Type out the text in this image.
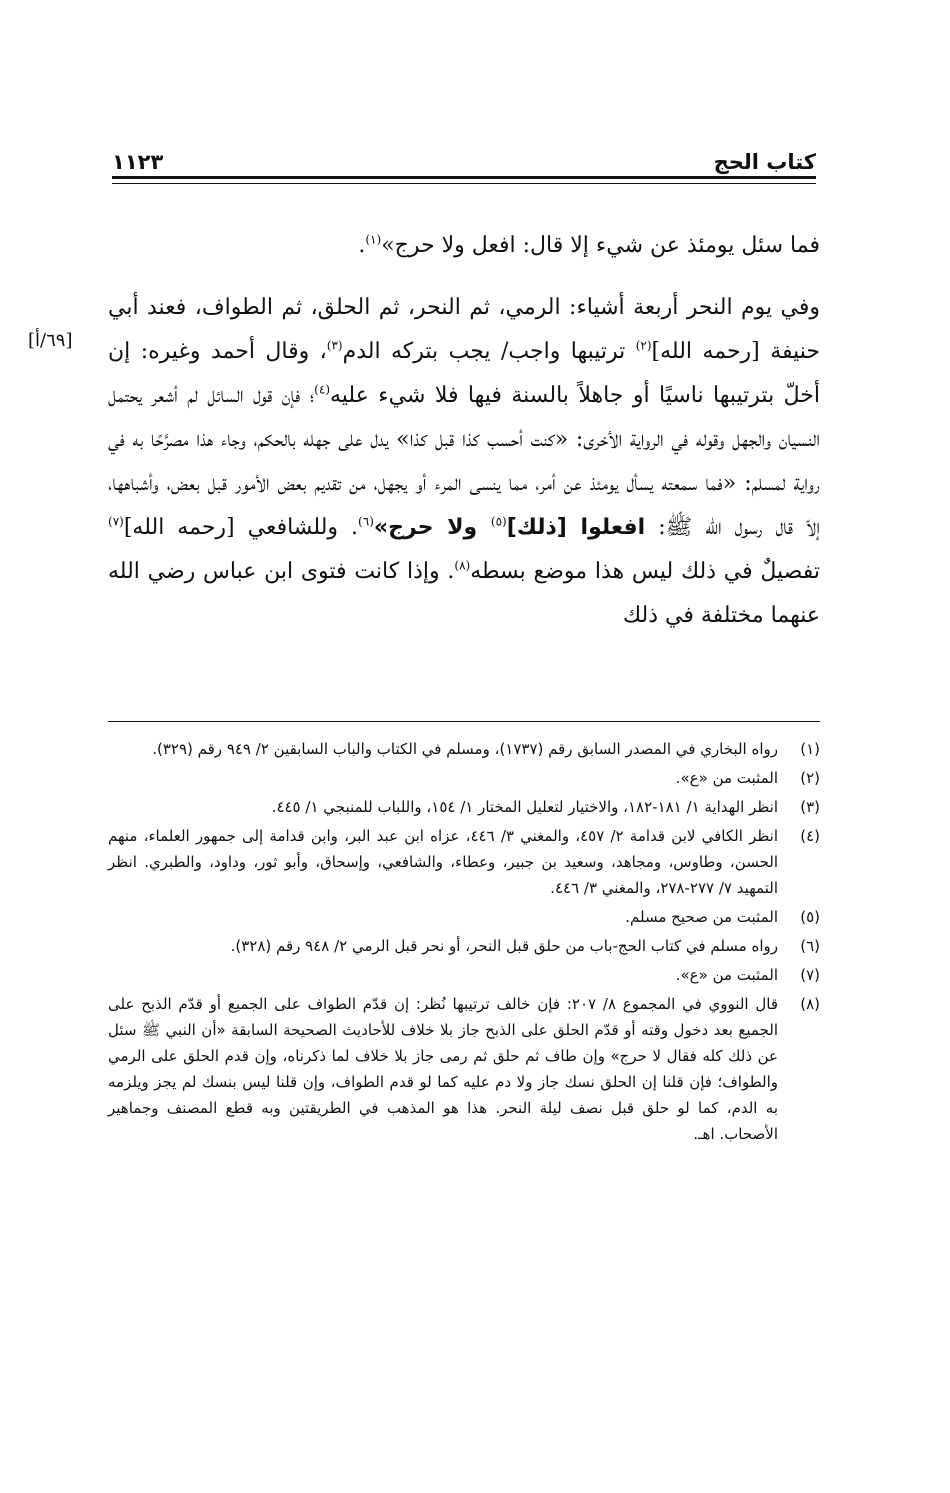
١١٢٣	كتاب الحج
[٦٩/أ]

فما سئل يومئذ عن شيء إلا قال: افعل ولا حرج»$^{(١)}$.

وفي يوم النحر أربعة أشياء: الرمي، ثم النحر، ثم الحلق، ثم الطواف، فعند أبي حنيفة [رحمه الله]$^{(٢)}$ ترتيبها واجب/ يجب بتركه الدم$^{(٣)}$، وقال أحمد وغيره: إن أخلّ بترتيبها ناسيًا أو جاهلاً بالسنة فيها فلا شيء عليه$^{(٤)}$؛ فإن قول السائل لم أشعر يحتمل النسيان والجهل وقوله في الرواية الأخرى: «كنت أحسب كذا قبل كذا» يدل على جهله بالحكم، وجاء هذا مصرَّحًا به في رواية لمسلم: «فما سمعته يسأل يومئذ عن أمر، مما ينسى المرء أو يجهل، من تقديم بعض الأمور قبل بعض، وأشباهها، إلاّ قال رسول الله ﷺ: افعلوا [ذلك]$^{(٥)}$ ولا حرج»$^{(٦)}$. وللشافعي [رحمه الله]$^{(٧)}$ تفصيلٌ في ذلك ليس هذا موضع بسطه$^{(٨)}$. وإذا كانت فتوى ابن عباس رضي الله عنهما مختلفة في ذلك

(١)
رواه البخاري في المصدر السابق رقم (١٧٣٧)، ومسلم في الكتاب والباب السابقين ٢/ ٩٤٩ رقم (٣٢٩).
(٢)
المثبت من «ع».
(٣)
انظر الهداية ١/ ١٨١-١٨٢، والاختيار لتعليل المختار ١/ ١٥٤، واللباب للمنبجي ١/ ٤٤٥.
(٤)
انظر الكافي لابن قدامة ٢/ ٤٥٧، والمغني ٣/ ٤٤٦، عزاه ابن عبد البر، وابن قدامة إلى جمهور العلماء، منهم الحسن، وطاوس، ومجاهد، وسعيد بن جبير، وعطاء، والشافعي، وإسحاق، وأبو ثور، وداود، والطبري. انظر التمهيد ٧/ ٢٧٧-٢٧٨، والمغني ٣/ ٤٤٦.
(٥)
المثبت من صحيح مسلم.
(٦)
رواه مسلم في كتاب الحج-باب من حلق قبل النحر، أو نحر قبل الرمي ٢/ ٩٤٨ رقم (٣٢٨).
(٧)
المثبت من «ع».
(٨)
قال النووي في المجموع ٨/ ٢٠٧: فإن خالف ترتيبها نُظر: إن قدّم الطواف على الجميع أو قدّم الذبح على الجميع بعد دخول وقته أو قدّم الحلق على الذبح جاز بلا خلاف للأحاديث الصحيحة السابقة «أن النبي ﷺ سئل عن ذلك كله فقال لا حرج» وإن طاف ثم حلق ثم رمى جاز بلا خلاف لما ذكرناه، وإن قدم الحلق على الرمي والطواف؛ فإن قلنا إن الحلق نسك جاز ولا دم عليه كما لو قدم الطواف، وإن قلنا ليس بنسك لم يجز ويلزمه به الدم، كما لو حلق قبل نصف ليلة النحر. هذا هو المذهب في الطريقتين وبه قطع المصنف وجماهير الأصحاب. اهـ.
